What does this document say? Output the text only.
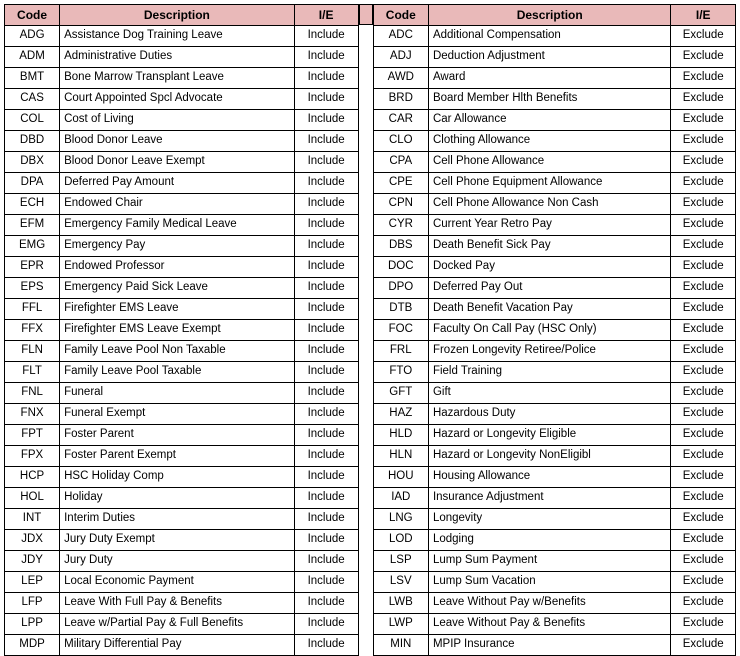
Code	Description	I/E
ADG	Assistance Dog Training Leave	Include
ADM	Administrative Duties	Include
BMT	Bone Marrow Transplant Leave	Include
CAS	Court Appointed Spcl Advocate	Include
COL	Cost of Living	Include
DBD	Blood Donor Leave	Include
DBX	Blood Donor Leave Exempt	Include
DPA	Deferred Pay Amount	Include
ECH	Endowed Chair	Include
EFM	Emergency Family Medical Leave	Include
EMG	Emergency Pay	Include
EPR	Endowed Professor	Include
EPS	Emergency Paid Sick Leave	Include
FFL	Firefighter EMS Leave	Include
FFX	Firefighter EMS Leave Exempt	Include
FLN	Family Leave Pool Non Taxable	Include
FLT	Family Leave Pool Taxable	Include
FNL	Funeral	Include
FNX	Funeral Exempt	Include
FPT	Foster Parent	Include
FPX	Foster Parent Exempt	Include
HCP	HSC Holiday Comp	Include
HOL	Holiday	Include
INT	Interim Duties	Include
JDX	Jury Duty Exempt	Include
JDY	Jury Duty	Include
LEP	Local Economic Payment	Include
LFP	Leave With Full Pay & Benefits	Include
LPP	Leave w/Partial Pay & Full Benefits	Include
MDP	Military Differential Pay	Include
Code	Description	I/E
ADC	Additional Compensation	Exclude
ADJ	Deduction Adjustment	Exclude
AWD	Award	Exclude
BRD	Board Member Hlth Benefits	Exclude
CAR	Car Allowance	Exclude
CLO	Clothing Allowance	Exclude
CPA	Cell Phone Allowance	Exclude
CPE	Cell Phone Equipment Allowance	Exclude
CPN	Cell Phone Allowance Non Cash	Exclude
CYR	Current Year Retro Pay	Exclude
DBS	Death Benefit Sick Pay	Exclude
DOC	Docked Pay	Exclude
DPO	Deferred Pay Out	Exclude
DTB	Death Benefit Vacation Pay	Exclude
FOC	Faculty On Call Pay (HSC Only)	Exclude
FRL	Frozen Longevity Retiree/Police	Exclude
FTO	Field Training	Exclude
GFT	Gift	Exclude
HAZ	Hazardous Duty	Exclude
HLD	Hazard or Longevity Eligible	Exclude
HLN	Hazard or Longevity NonEligibl	Exclude
HOU	Housing Allowance	Exclude
IAD	Insurance Adjustment	Exclude
LNG	Longevity	Exclude
LOD	Lodging	Exclude
LSP	Lump Sum Payment	Exclude
LSV	Lump Sum Vacation	Exclude
LWB	Leave Without Pay w/Benefits	Exclude
LWP	Leave Without Pay & Benefits	Exclude
MIN	MPIP Insurance	Exclude
